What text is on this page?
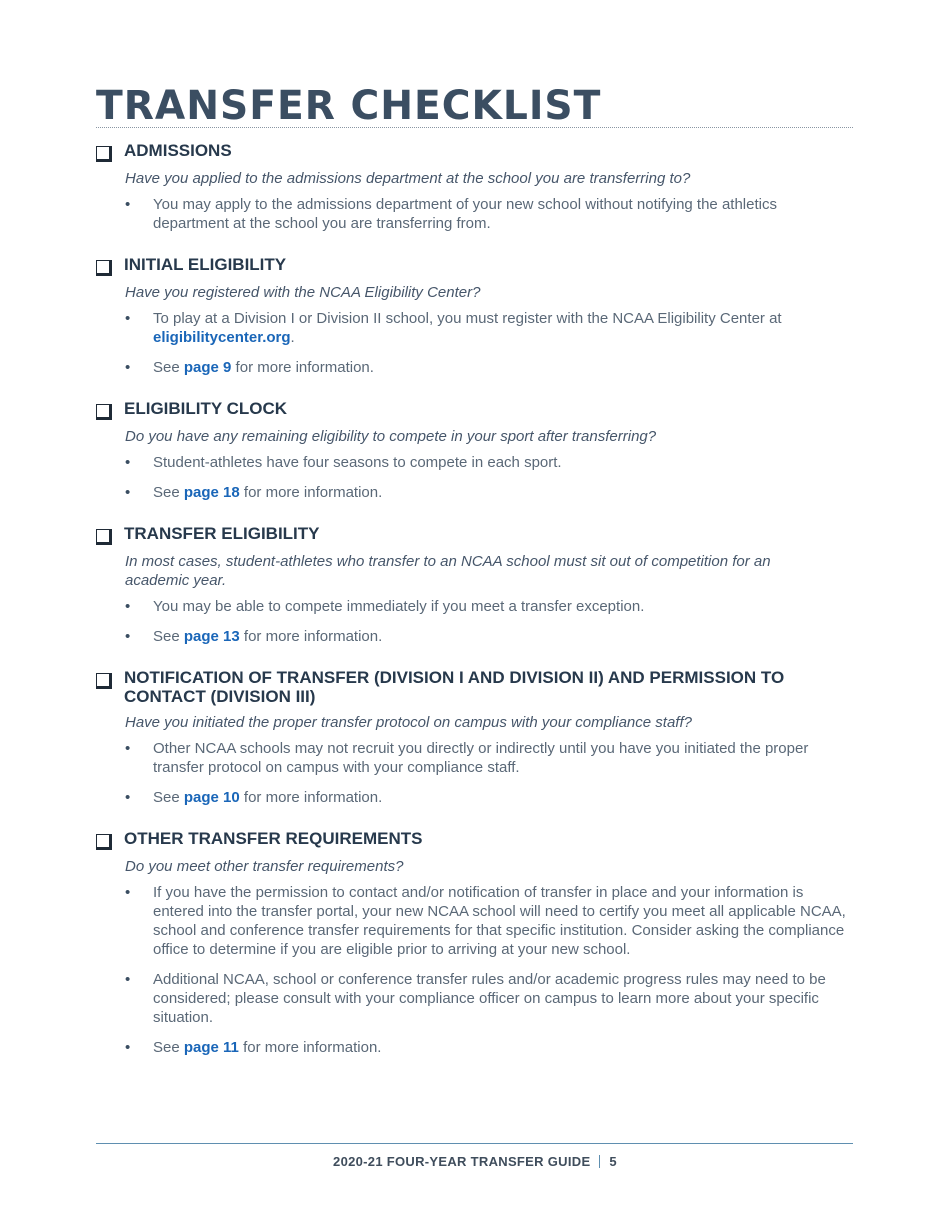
TRANSFER CHECKLIST
ADMISSIONS
Have you applied to the admissions department at the school you are transferring to?
• You may apply to the admissions department of your new school without notifying the athletics department at the school you are transferring from.
INITIAL ELIGIBILITY
Have you registered with the NCAA Eligibility Center?
• To play at a Division I or Division II school, you must register with the NCAA Eligibility Center at eligibilitycenter.org.
• See page 9 for more information.
ELIGIBILITY CLOCK
Do you have any remaining eligibility to compete in your sport after transferring?
• Student-athletes have four seasons to compete in each sport.
• See page 18 for more information.
TRANSFER ELIGIBILITY
In most cases, student-athletes who transfer to an NCAA school must sit out of competition for an academic year.
• You may be able to compete immediately if you meet a transfer exception.
• See page 13 for more information.
NOTIFICATION OF TRANSFER (DIVISION I AND DIVISION II) AND PERMISSION TO CONTACT (DIVISION III)
Have you initiated the proper transfer protocol on campus with your compliance staff?
• Other NCAA schools may not recruit you directly or indirectly until you have you initiated the proper transfer protocol on campus with your compliance staff.
• See page 10 for more information.
OTHER TRANSFER REQUIREMENTS
Do you meet other transfer requirements?
• If you have the permission to contact and/or notification of transfer in place and your information is entered into the transfer portal, your new NCAA school will need to certify you meet all applicable NCAA, school and conference transfer requirements for that specific institution. Consider asking the compliance office to determine if you are eligible prior to arriving at your new school.
• Additional NCAA, school or conference transfer rules and/or academic progress rules may need to be considered; please consult with your compliance officer on campus to learn more about your specific situation.
• See page 11 for more information.
2020-21 FOUR-YEAR TRANSFER GUIDE 5
